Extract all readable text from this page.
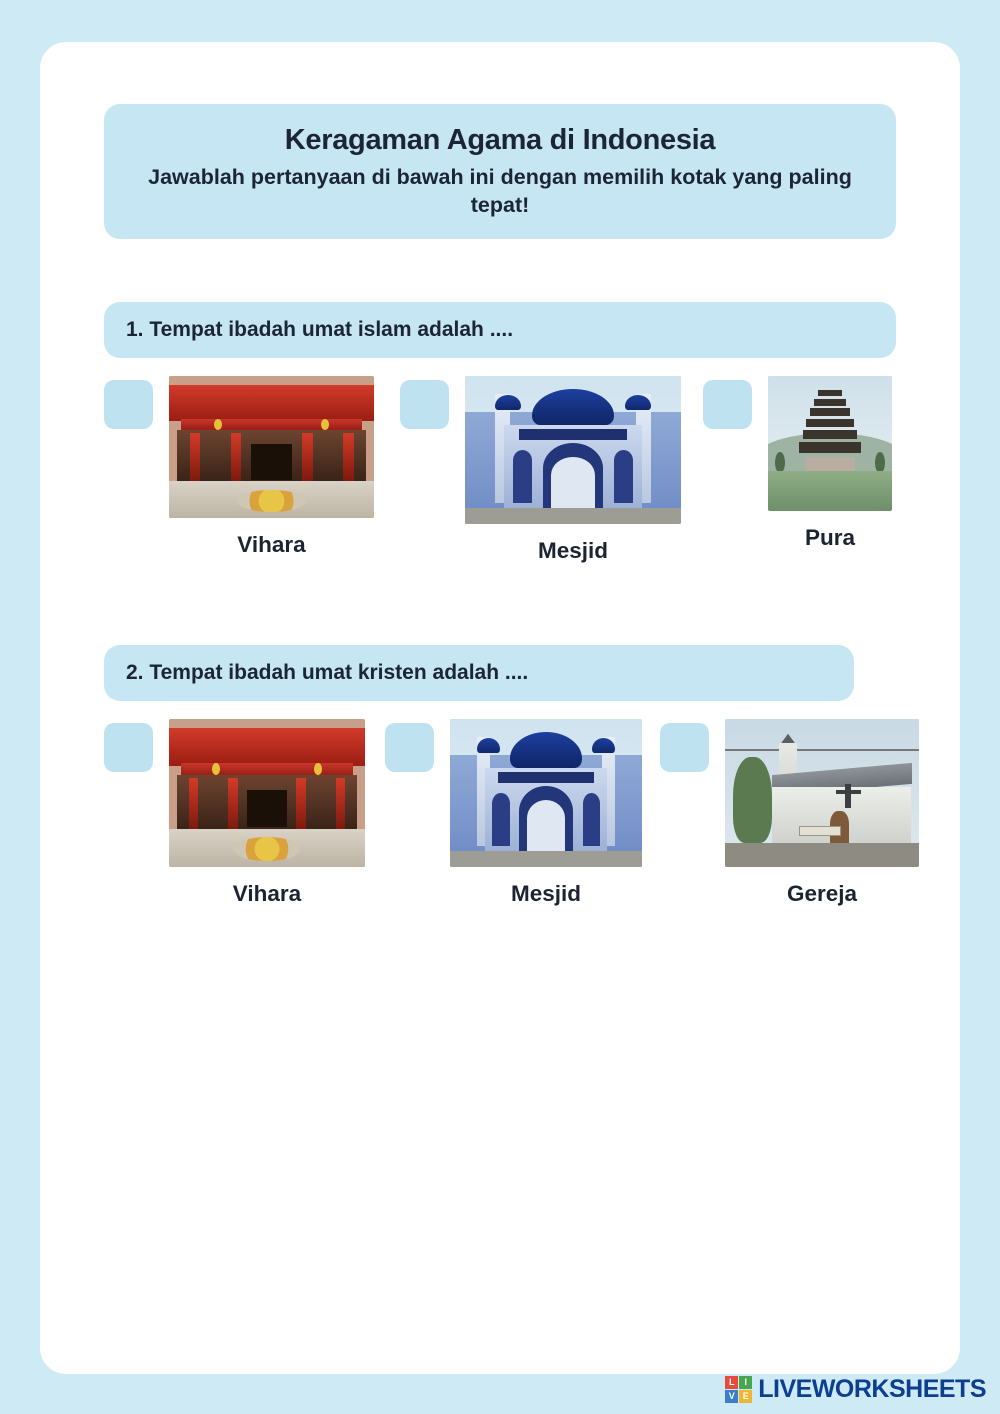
Keragaman Agama di Indonesia
Jawablah pertanyaan di bawah ini dengan memilih kotak yang paling tepat!
1. Tempat ibadah umat islam adalah ....
Vihara	Mesjid
Pura
2. Tempat ibadah umat kristen adalah ....
Vihara	Mesjid	Gereja
L	I
V E LIVEWORKSHEETS
